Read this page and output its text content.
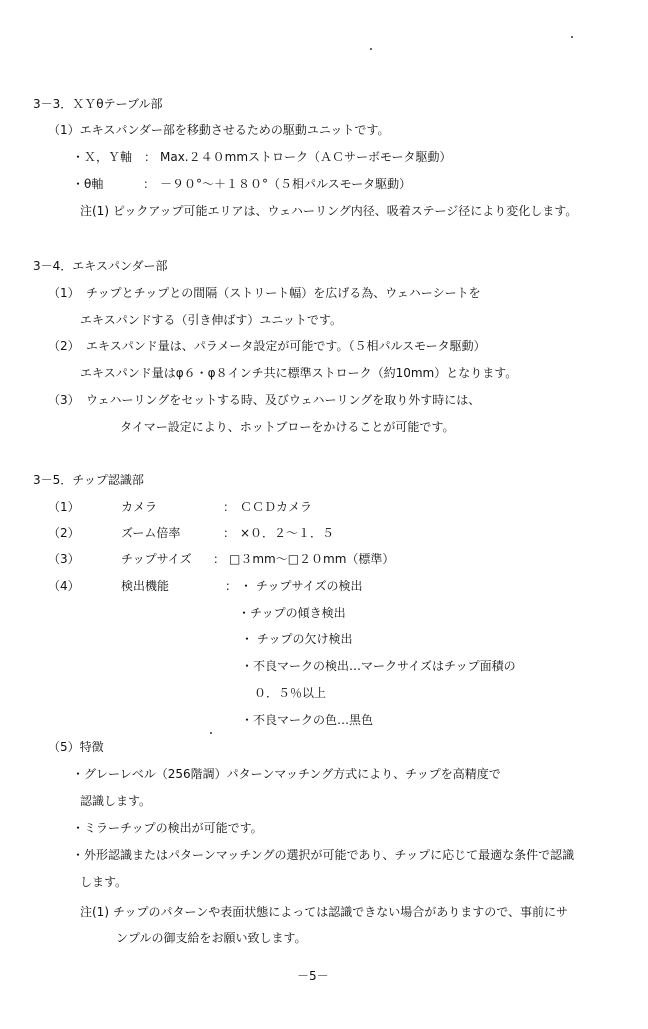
3－3．ＸＹθテーブル部
（1）エキスパンダー部を移動させるための駆動ユニットです。
・Ｘ，Ｙ軸　： Max.２４０mmストローク（ＡＣサーボモータ駆動）
・θ軸	： －９０°～＋１８０°（５相パルスモータ駆動）
注(1) ピックアップ可能エリアは、ウェハーリング内径、吸着ステージ径により変化します。
3－4．エキスパンダー部
（1） チップとチップとの間隔（ストリート幅）を広げる為、ウェハーシートを
エキスパンドする（引き伸ばす）ユニットです。
（2） エキスパンド量は、パラメータ設定が可能です。（５相パルスモータ駆動）
エキスパンド量はφ６・φ８インチ共に標準ストローク（約10mm）となります。
（3） ウェハーリングをセットする時、及びウェハーリングを取り外す時には、
タイマー設定により、ホットブローをかけることが可能です。
3－5．チップ認識部
（1）	カメラ	： ＣＣＤカメラ
（2）	ズーム倍率	： ×０．２～１．５
（3）	チップサイズ ： □３mm～□２０mm（標準）
（4）	検出機能	： ・ チップサイズの検出
・チップの傾き検出
・ チップの欠け検出
・不良マークの検出…マークサイズはチップ面積の
０．５％以上
・不良マークの色…黒色
（5）特徴
・グレーレベル（256階調）パターンマッチング方式により、チップを高精度で
認識します。
・ミラーチップの検出が可能です。
・外形認識またはパターンマッチングの選択が可能であり、チップに応じて最適な条件で認識
します。
注(1) チップのパターンや表面状態によっては認識できない場合がありますので、事前にサ
ンプルの御支給をお願い致します。
－5－
